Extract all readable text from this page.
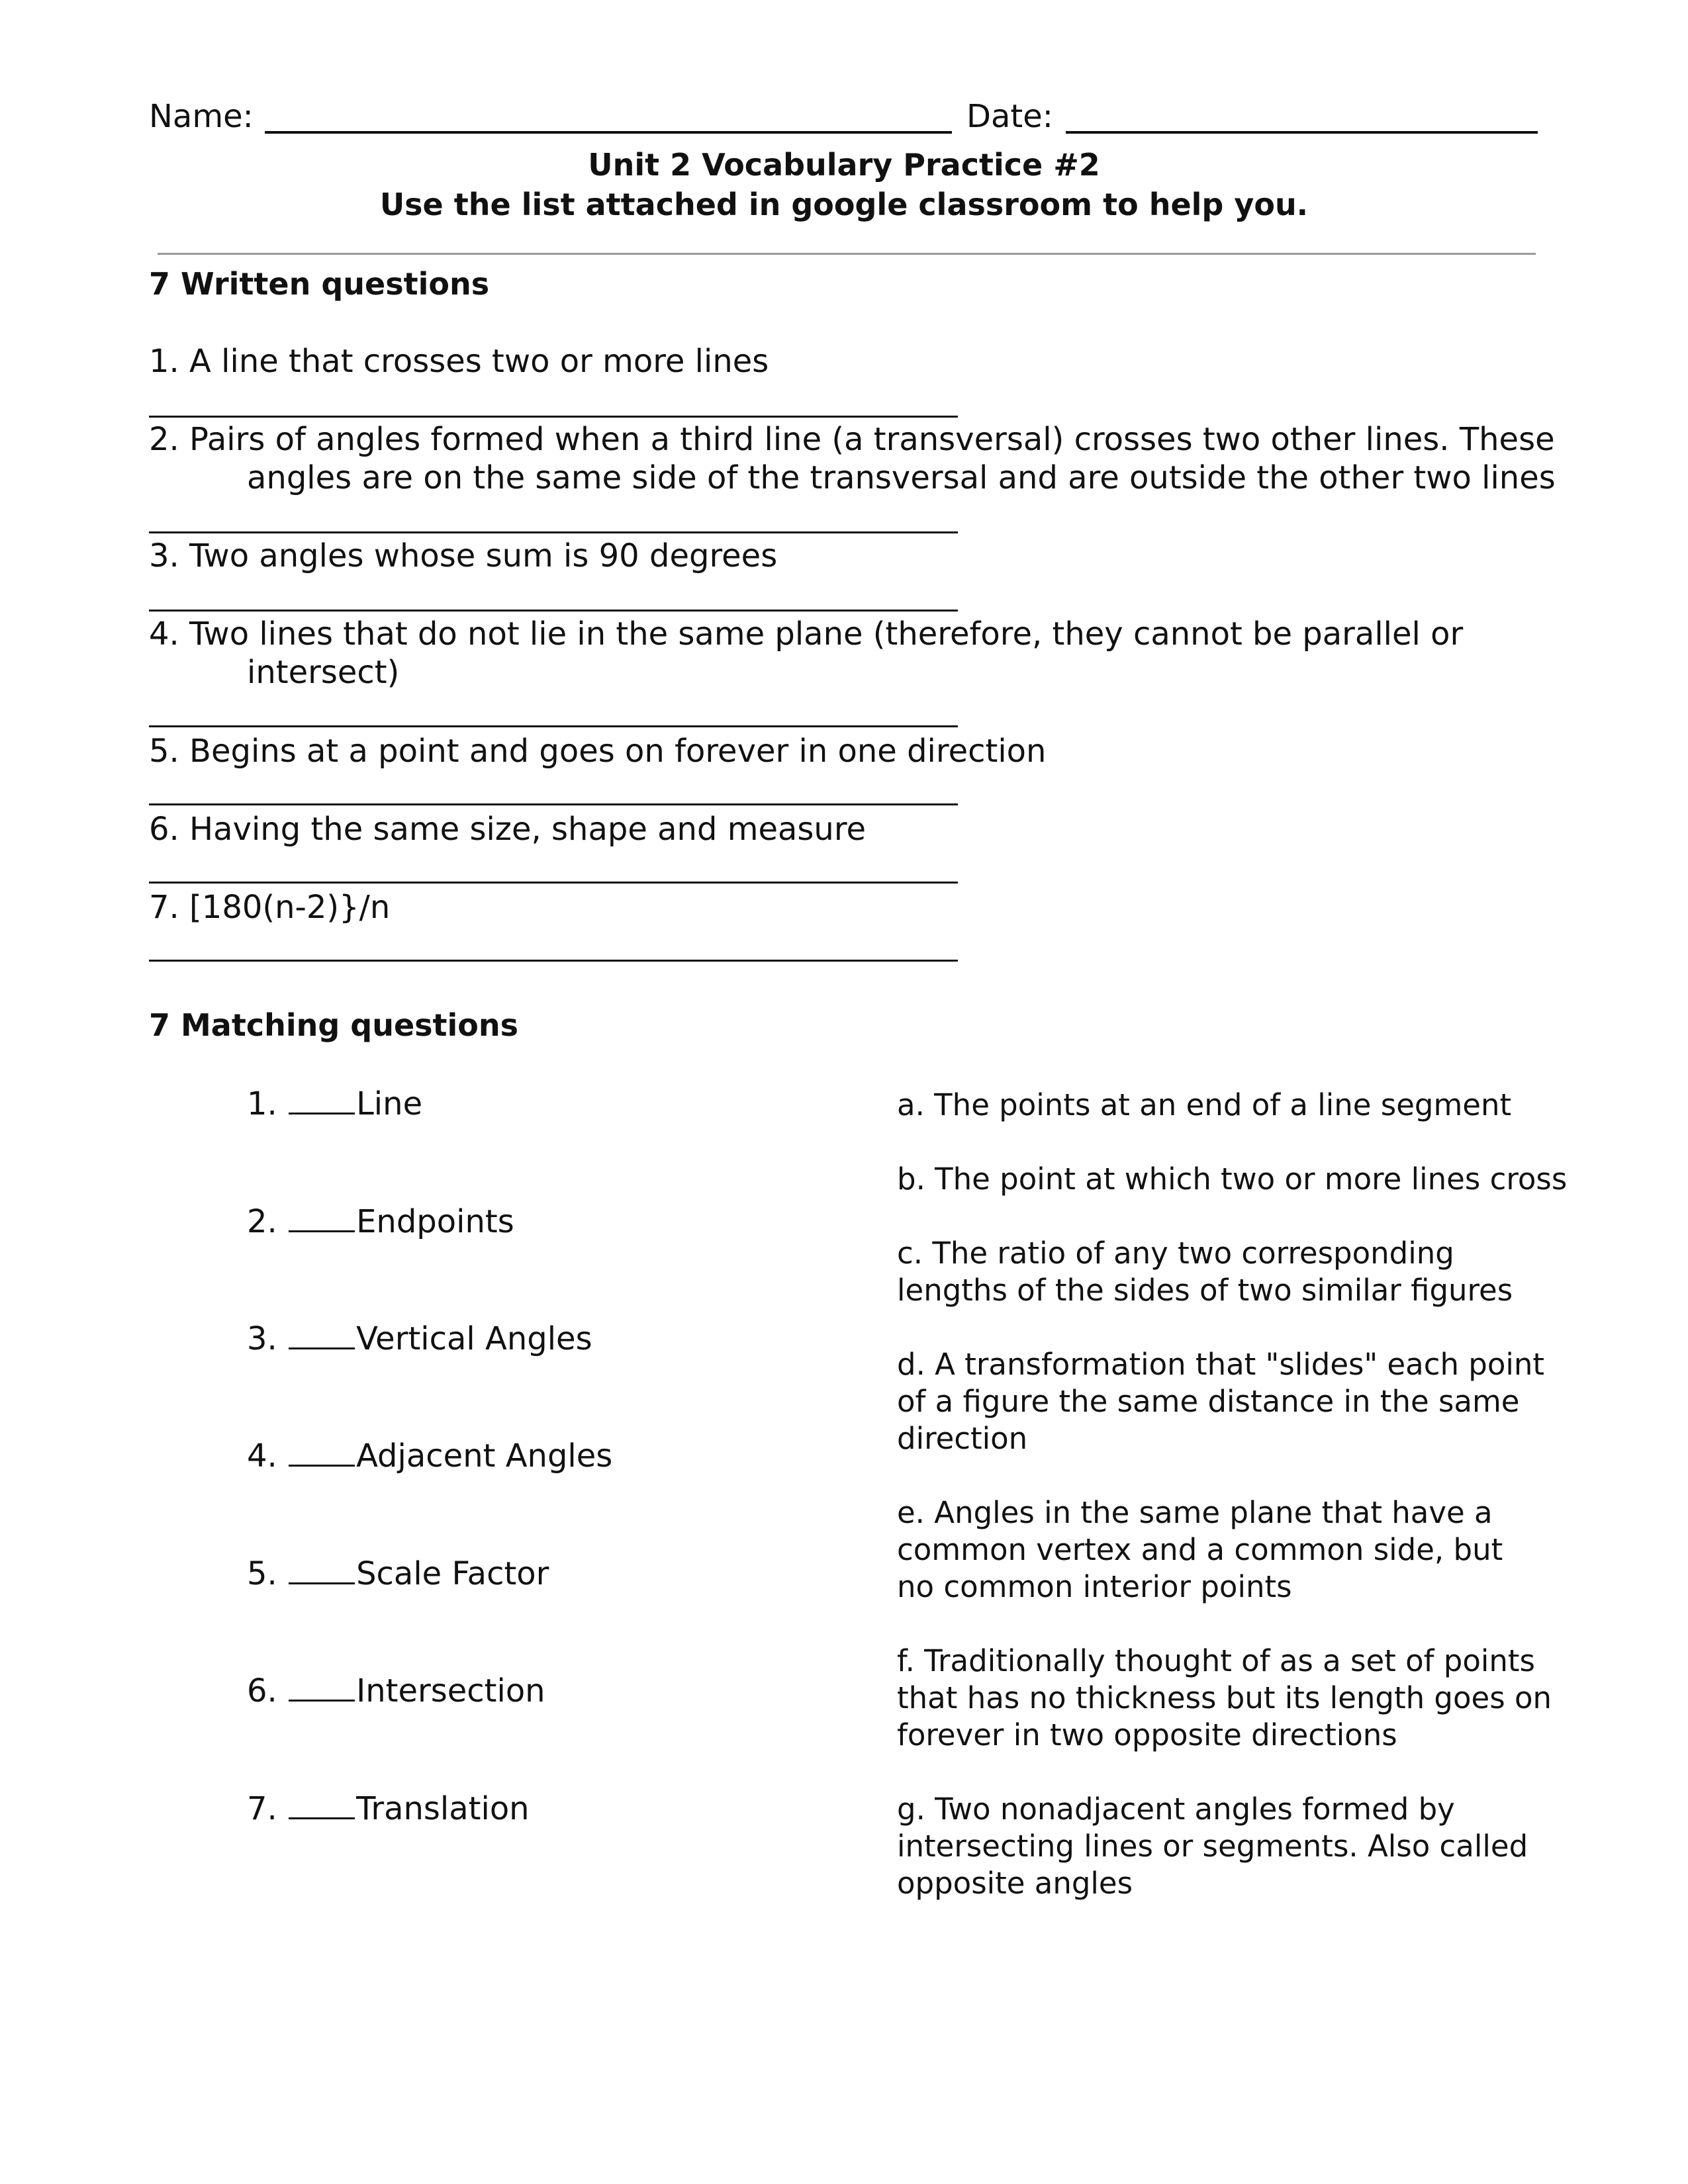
Name:	Date:
Unit 2 Vocabulary Practice #2
Use the list attached in google classroom to help you.
7 Written questions
1. A line that crosses two or more lines
2. Pairs of angles formed when a third line (a transversal) crosses two other lines. These
angles are on the same side of the transversal and are outside the other two lines
3. Two angles whose sum is 90 degrees
4. Two lines that do not lie in the same plane (therefore, they cannot be parallel or
intersect)
5. Begins at a point and goes on forever in one direction
6. Having the same size, shape and measure
7. [180(n-2)}/n
7 Matching questions
1. Line
2. Endpoints
3. Vertical Angles
4. Adjacent Angles
5. Scale Factor
6. Intersection
7. Translation
a. The points at an end of a line segment
b. The point at which two or more lines cross
c. The ratio of any two corresponding
lengths of the sides of two similar figures
d. A transformation that "slides" each point
of a figure the same distance in the same
direction
e. Angles in the same plane that have a
common vertex and a common side, but
no common interior points
f. Traditionally thought of as a set of points
that has no thickness but its length goes on
forever in two opposite directions
g. Two nonadjacent angles formed by
intersecting lines or segments. Also called
opposite angles
